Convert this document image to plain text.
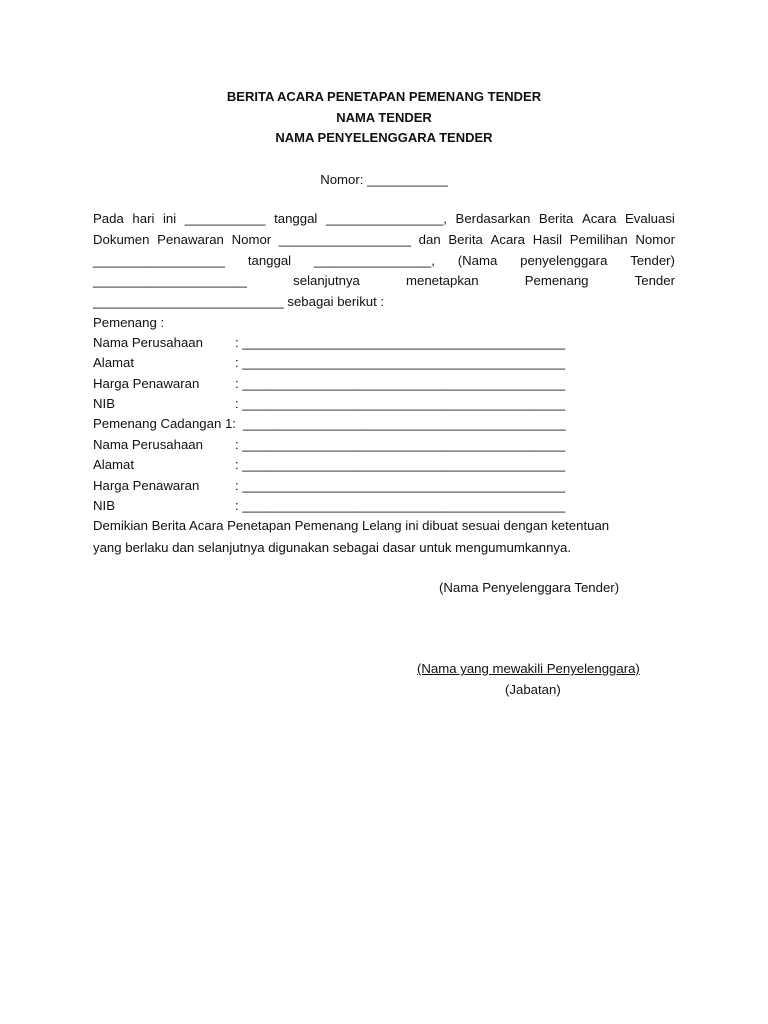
BERITA ACARA PENETAPAN PEMENANG TENDER
NAMA TENDER
NAMA PENYELENGGARA TENDER
Nomor: ___________
Pada hari ini ___________ tanggal ________________, Berdasarkan Berita Acara Evaluasi
Dokumen Penawaran Nomor __________________ dan Berita Acara Hasil Pemilihan Nomor
__________________ tanggal ________________, (Nama penyelenggara Tender)
_____________________	selanjutnya	menetapkan	Pemenang	Tender
__________________________ sebagai berikut :
Pemenang :
Nama Perusahaan : ____________________________________________
Alamat	: ____________________________________________
Harga Penawaran	: ____________________________________________
NIB	: ____________________________________________
Pemenang Cadangan 1: ____________________________________________
Nama Perusahaan : ____________________________________________
Alamat	: ____________________________________________
Harga Penawaran	: ____________________________________________
NIB	: ____________________________________________
Demikian Berita Acara Penetapan Pemenang Lelang ini dibuat sesuai dengan ketentuan
yang berlaku dan selanjutnya digunakan sebagai dasar untuk mengumumkannya.
(Nama Penyelenggara Tender)
(Nama yang mewakili Penyelenggara)
(Jabatan)
